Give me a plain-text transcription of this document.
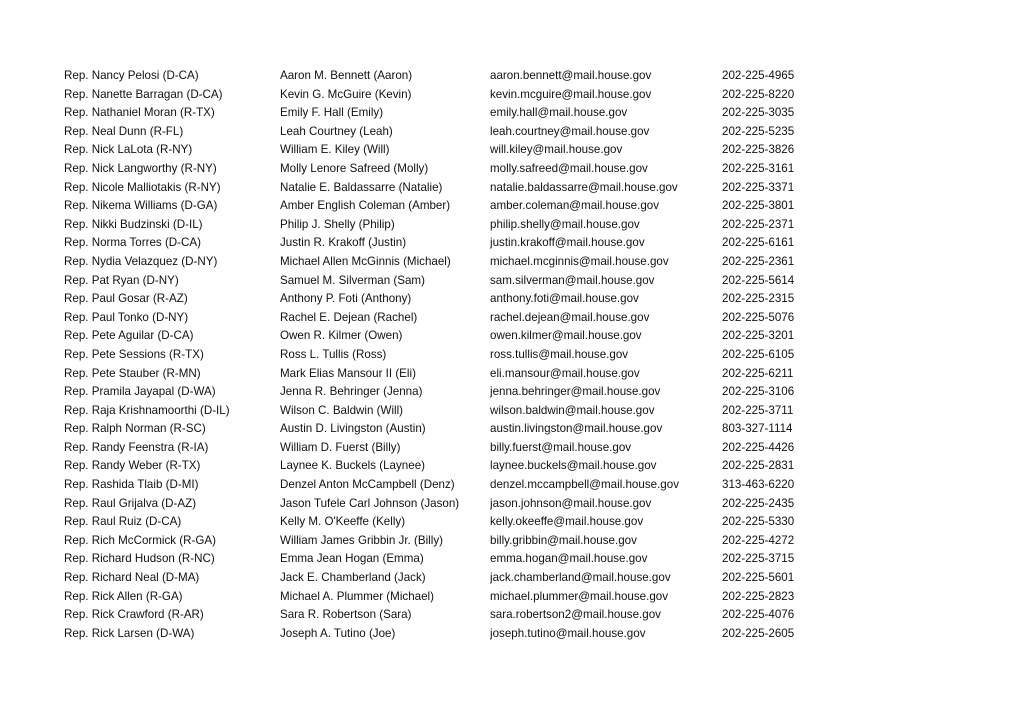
Rep. Nancy Pelosi (D-CA)	Aaron M. Bennett (Aaron)	aaron.bennett@mail.house.gov	202-225-4965
Rep. Nanette Barragan (D-CA)	Kevin G. McGuire (Kevin)	kevin.mcguire@mail.house.gov	202-225-8220
Rep. Nathaniel Moran (R-TX)	Emily F. Hall (Emily)	emily.hall@mail.house.gov	202-225-3035
Rep. Neal Dunn (R-FL)	Leah Courtney (Leah)	leah.courtney@mail.house.gov	202-225-5235
Rep. Nick LaLota (R-NY)	William E. Kiley (Will)	will.kiley@mail.house.gov	202-225-3826
Rep. Nick Langworthy (R-NY)	Molly Lenore Safreed (Molly)	molly.safreed@mail.house.gov	202-225-3161
Rep. Nicole Malliotakis (R-NY)	Natalie E. Baldassarre (Natalie)	natalie.baldassarre@mail.house.gov	202-225-3371
Rep. Nikema Williams (D-GA)	Amber English Coleman (Amber)	amber.coleman@mail.house.gov	202-225-3801
Rep. Nikki Budzinski (D-IL)	Philip J. Shelly (Philip)	philip.shelly@mail.house.gov	202-225-2371
Rep. Norma Torres (D-CA)	Justin R. Krakoff (Justin)	justin.krakoff@mail.house.gov	202-225-6161
Rep. Nydia Velazquez (D-NY)	Michael Allen McGinnis (Michael)	michael.mcginnis@mail.house.gov	202-225-2361
Rep. Pat Ryan (D-NY)	Samuel M. Silverman (Sam)	sam.silverman@mail.house.gov	202-225-5614
Rep. Paul Gosar (R-AZ)	Anthony P. Foti (Anthony)	anthony.foti@mail.house.gov	202-225-2315
Rep. Paul Tonko (D-NY)	Rachel E. Dejean (Rachel)	rachel.dejean@mail.house.gov	202-225-5076
Rep. Pete Aguilar (D-CA)	Owen R. Kilmer (Owen)	owen.kilmer@mail.house.gov	202-225-3201
Rep. Pete Sessions (R-TX)	Ross L. Tullis (Ross)	ross.tullis@mail.house.gov	202-225-6105
Rep. Pete Stauber (R-MN)	Mark Elias Mansour II (Eli)	eli.mansour@mail.house.gov	202-225-6211
Rep. Pramila Jayapal (D-WA)	Jenna R. Behringer (Jenna)	jenna.behringer@mail.house.gov	202-225-3106
Rep. Raja Krishnamoorthi (D-IL)	Wilson C. Baldwin (Will)	wilson.baldwin@mail.house.gov	202-225-3711
Rep. Ralph Norman (R-SC)	Austin D. Livingston (Austin)	austin.livingston@mail.house.gov	803-327-1114
Rep. Randy Feenstra (R-IA)	William D. Fuerst (Billy)	billy.fuerst@mail.house.gov	202-225-4426
Rep. Randy Weber (R-TX)	Laynee K. Buckels (Laynee)	laynee.buckels@mail.house.gov	202-225-2831
Rep. Rashida Tlaib (D-MI)	Denzel Anton McCampbell (Denz)	denzel.mccampbell@mail.house.gov	313-463-6220
Rep. Raul Grijalva (D-AZ)	Jason Tufele Carl Johnson (Jason)	jason.johnson@mail.house.gov	202-225-2435
Rep. Raul Ruiz (D-CA)	Kelly M. O'Keeffe (Kelly)	kelly.okeeffe@mail.house.gov	202-225-5330
Rep. Rich McCormick (R-GA)	William James Gribbin Jr. (Billy)	billy.gribbin@mail.house.gov	202-225-4272
Rep. Richard Hudson (R-NC)	Emma Jean Hogan (Emma)	emma.hogan@mail.house.gov	202-225-3715
Rep. Richard Neal (D-MA)	Jack E. Chamberland (Jack)	jack.chamberland@mail.house.gov	202-225-5601
Rep. Rick Allen (R-GA)	Michael A. Plummer (Michael)	michael.plummer@mail.house.gov	202-225-2823
Rep. Rick Crawford (R-AR)	Sara R. Robertson (Sara)	sara.robertson2@mail.house.gov	202-225-4076
Rep. Rick Larsen (D-WA)	Joseph A. Tutino (Joe)	joseph.tutino@mail.house.gov	202-225-2605
